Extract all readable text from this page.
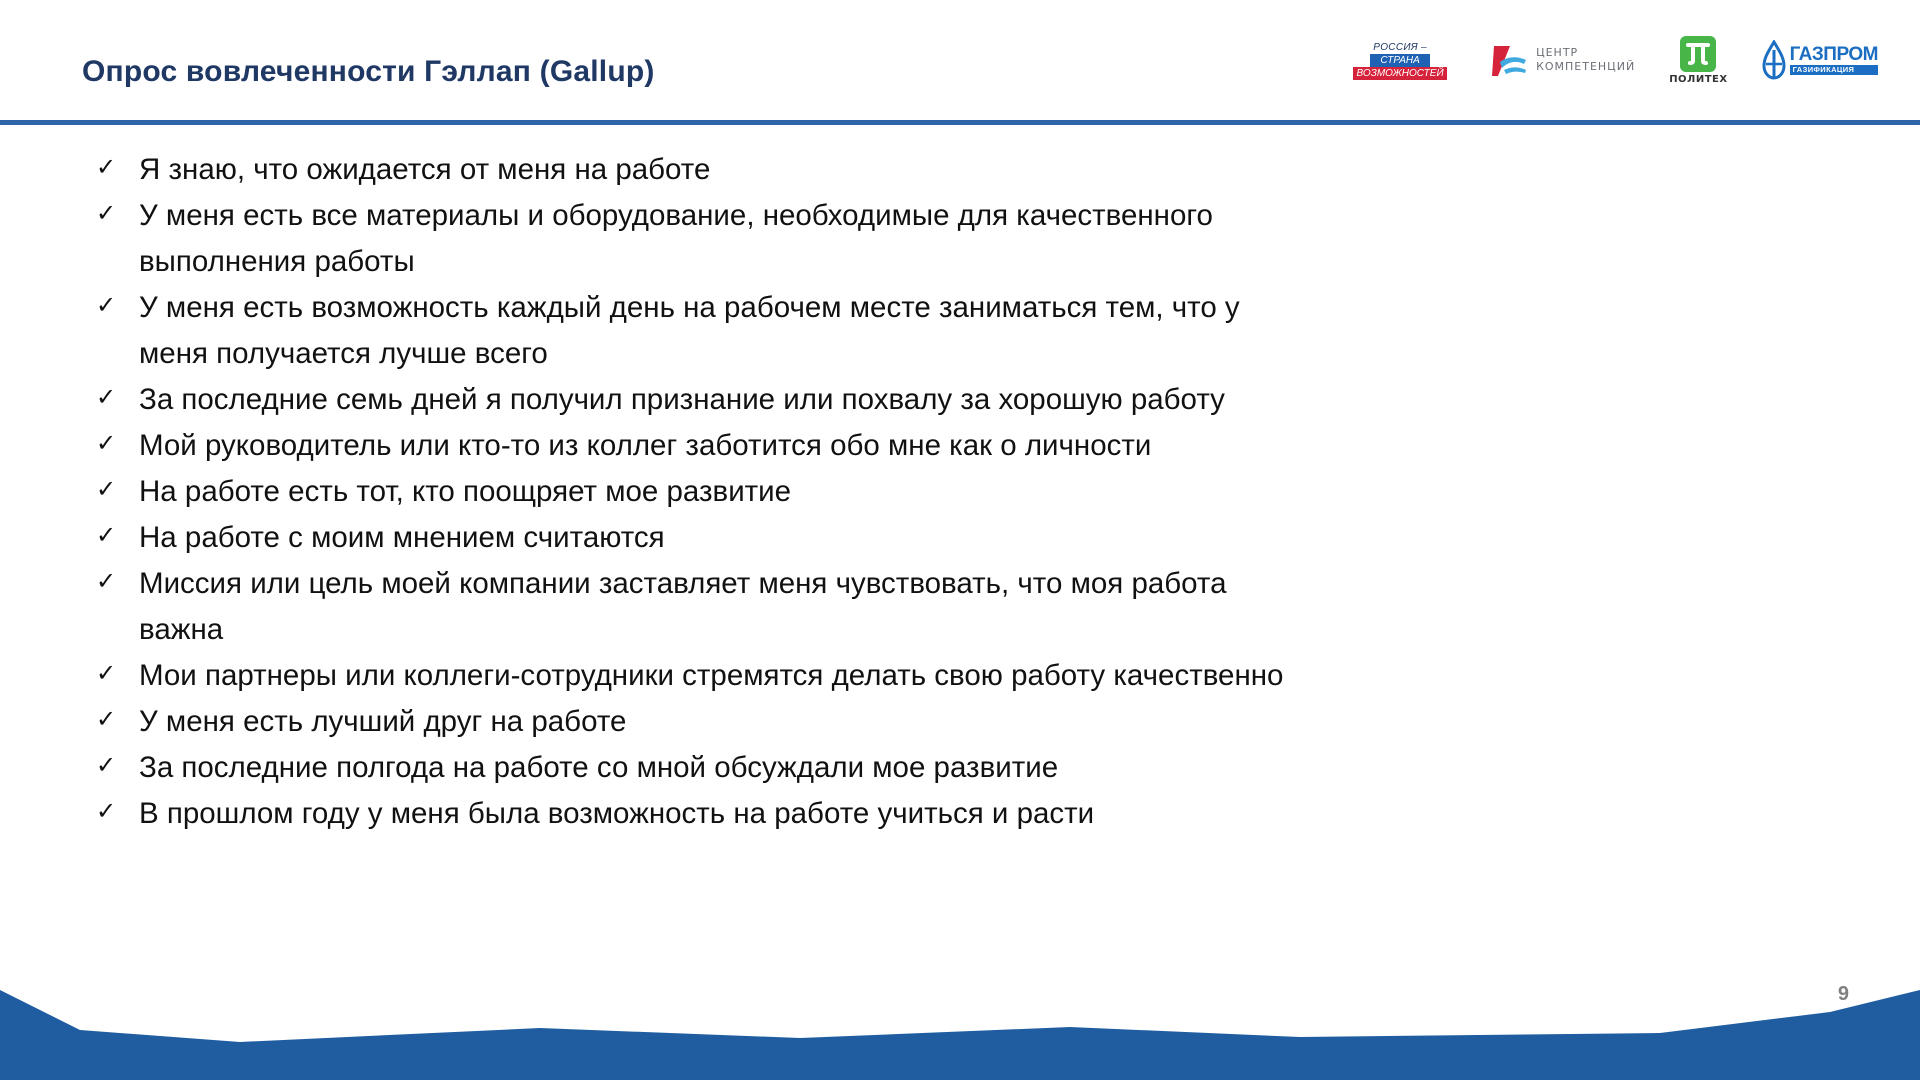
Опрос вовлеченности Гэллап (Gallup)
РОССИЯ –
СТРАНА
ВОЗМОЖНОСТЕЙ
ЦЕНТР
КОМПЕТЕНЦИЙ
ПОЛИТЕХ
ГАЗПРОМ
ГАЗИФИКАЦИЯ
✓ Я знаю, что ожидается от меня на работе
✓ У меня есть все материалы и оборудование, необходимые для качественного выполнения работы
✓ У меня есть возможность каждый день на рабочем месте заниматься тем, что у меня получается лучше всего
✓ За последние семь дней я получил признание или похвалу за хорошую работу
✓ Мой руководитель или кто-то из коллег заботится обо мне как о личности
✓ На работе есть тот, кто поощряет мое развитие
✓ На работе с моим мнением считаются
✓ Миссия или цель моей компании заставляет меня чувствовать, что моя работа важна
✓ Мои партнеры или коллеги-сотрудники стремятся делать свою работу качественно
✓ У меня есть лучший друг на работе
✓ За последние полгода на работе со мной обсуждали мое развитие
✓ В прошлом году у меня была возможность на работе учиться и расти
9
